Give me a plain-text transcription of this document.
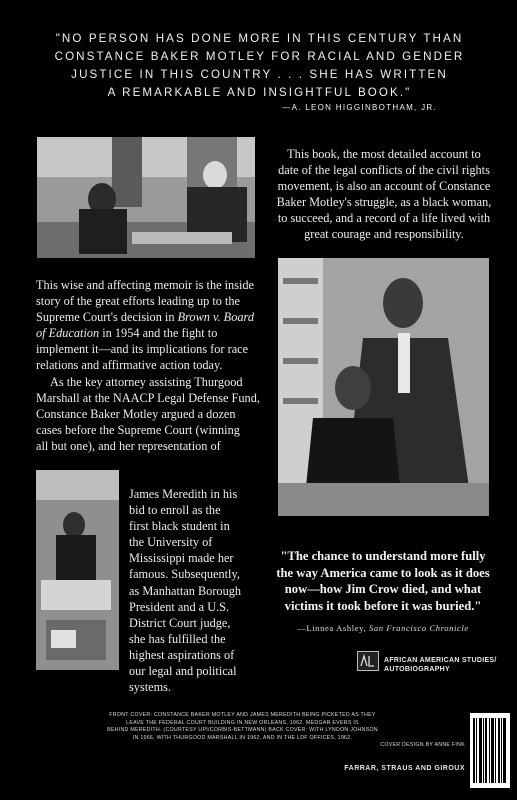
"NO PERSON HAS DONE MORE IN THIS CENTURY THAN
CONSTANCE BAKER MOTLEY FOR RACIAL AND GENDER
JUSTICE IN THIS COUNTRY . . . SHE HAS WRITTEN
A REMARKABLE AND INSIGHTFUL BOOK."
—A. LEON HIGGINBOTHAM, JR.
This book, the most detailed account to
date of the legal conflicts of the civil rights
movement, is also an account of Constance
Baker Motley's struggle, as a black woman,
to succeed, and a record of a life lived with
great courage and responsibility.

This wise and affecting memoir is the inside

story of the great efforts leading up to the

Supreme Court's decision in Brown v. Board

of Education in 1954 and the fight to

implement it—and its implications for race

relations and affirmative action today.

As the key attorney assisting Thurgood

Marshall at the NAACP Legal Defense Fund,

Constance Baker Motley argued a dozen

cases before the Supreme Court (winning

all but one), and her representation of

James Meredith in his

bid to enroll as the

first black student in

the University of

Mississippi made her

famous. Subsequently,

as Manhattan Borough

President and a U.S.

District Court judge,

she has fulfilled the

highest aspirations of

our legal and political

systems.

"The chance to understand more fully
the way America came to look as it does
now—how Jim Crow died, and what
victims it took before it was buried."
—Linnea Ashley, San Francisco Chronicle
AFRICAN AMERICAN STUDIES/
AUTOBIOGRAPHY
FRONT COVER: CONSTANCE BAKER MOTLEY AND JAMES MEREDITH BEING PICKETED AS THEY
LEAVE THE FEDERAL COURT BUILDING IN NEW ORLEANS, 1962. MEDGAR EVERS IS
BEHIND MEREDITH. (COURTESY UPI/CORBIS-BETTMANN) BACK COVER: WITH LYNDON JOHNSON
IN 1966, WITH THURGOOD MARSHALL IN 1962, AND IN THE LDF OFFICES, 1962.
COVER DESIGN BY ANNE FINK
FARRAR, STRAUS AND GIROUX
